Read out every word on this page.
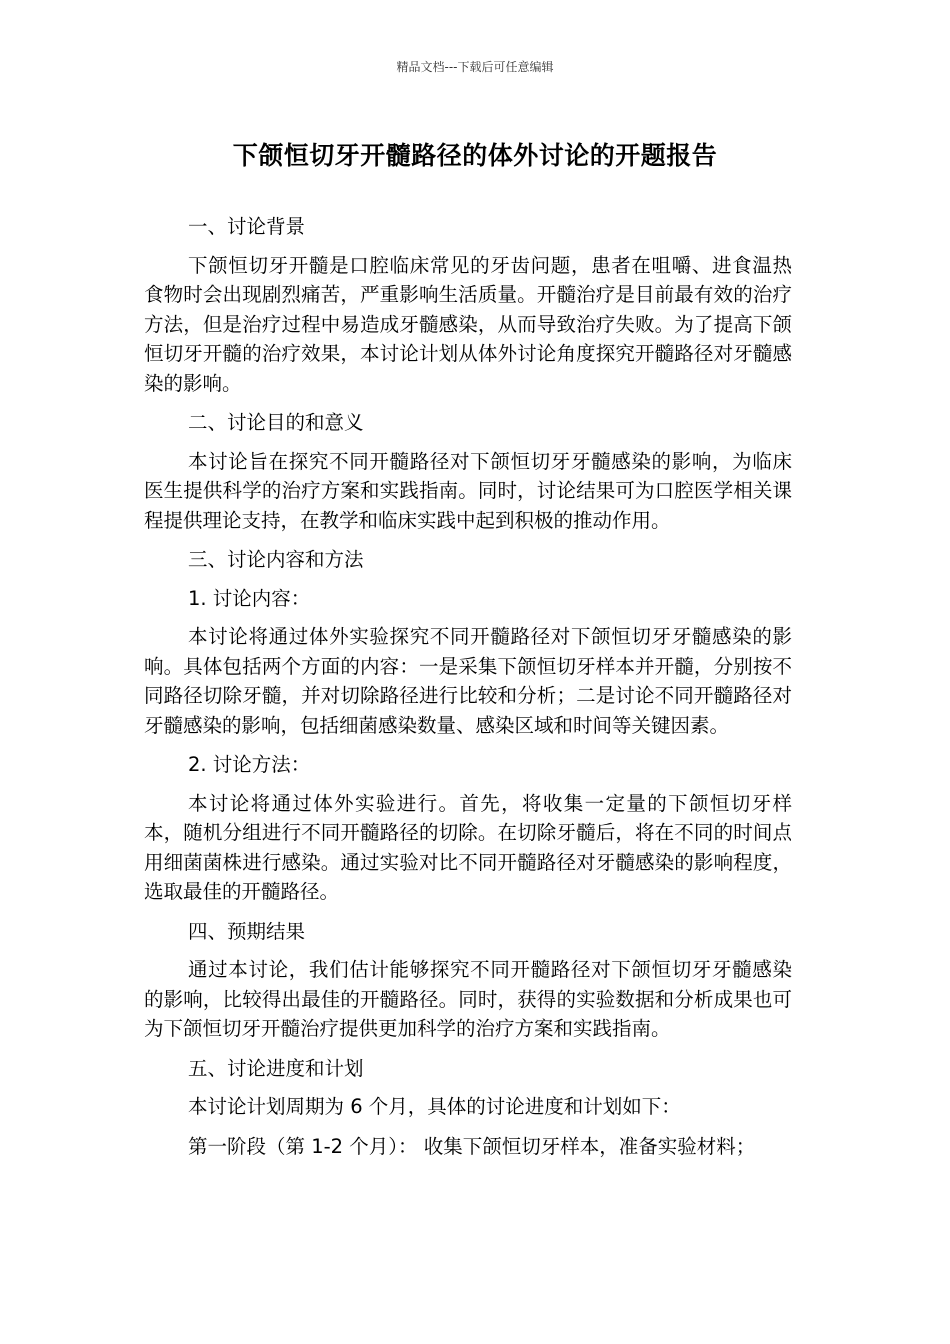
精品文档---下载后可任意编辑
下颌恒切牙开髓路径的体外讨论的开题报告

一、讨论背景

下颌恒切牙开髓是口腔临床常见的牙齿问题，患者在咀嚼、进食温热食物时会出现剧烈痛苦，严重影响生活质量。开髓治疗是目前最有效的治疗方法，但是治疗过程中易造成牙髓感染，从而导致治疗失败。为了提高下颌恒切牙开髓的治疗效果，本讨论计划从体外讨论角度探究开髓路径对牙髓感染的影响。

二、讨论目的和意义

本讨论旨在探究不同开髓路径对下颌恒切牙牙髓感染的影响，为临床医生提供科学的治疗方案和实践指南。同时，讨论结果可为口腔医学相关课程提供理论支持，在教学和临床实践中起到积极的推动作用。

三、讨论内容和方法

1. 讨论内容：

本讨论将通过体外实验探究不同开髓路径对下颌恒切牙牙髓感染的影响。具体包括两个方面的内容：一是采集下颌恒切牙样本并开髓，分别按不同路径切除牙髓，并对切除路径进行比较和分析；二是讨论不同开髓路径对牙髓感染的影响，包括细菌感染数量、感染区域和时间等关键因素。

2. 讨论方法：

本讨论将通过体外实验进行。首先，将收集一定量的下颌恒切牙样本，随机分组进行不同开髓路径的切除。在切除牙髓后，将在不同的时间点用细菌菌株进行感染。通过实验对比不同开髓路径对牙髓感染的影响程度，选取最佳的开髓路径。

四、预期结果

通过本讨论，我们估计能够探究不同开髓路径对下颌恒切牙牙髓感染的影响，比较得出最佳的开髓路径。同时，获得的实验数据和分析成果也可为下颌恒切牙开髓治疗提供更加科学的治疗方案和实践指南。

五、讨论进度和计划

本讨论计划周期为 6 个月，具体的讨论进度和计划如下：

第一阶段（第 1-2 个月）： 收集下颌恒切牙样本，准备实验材料；
